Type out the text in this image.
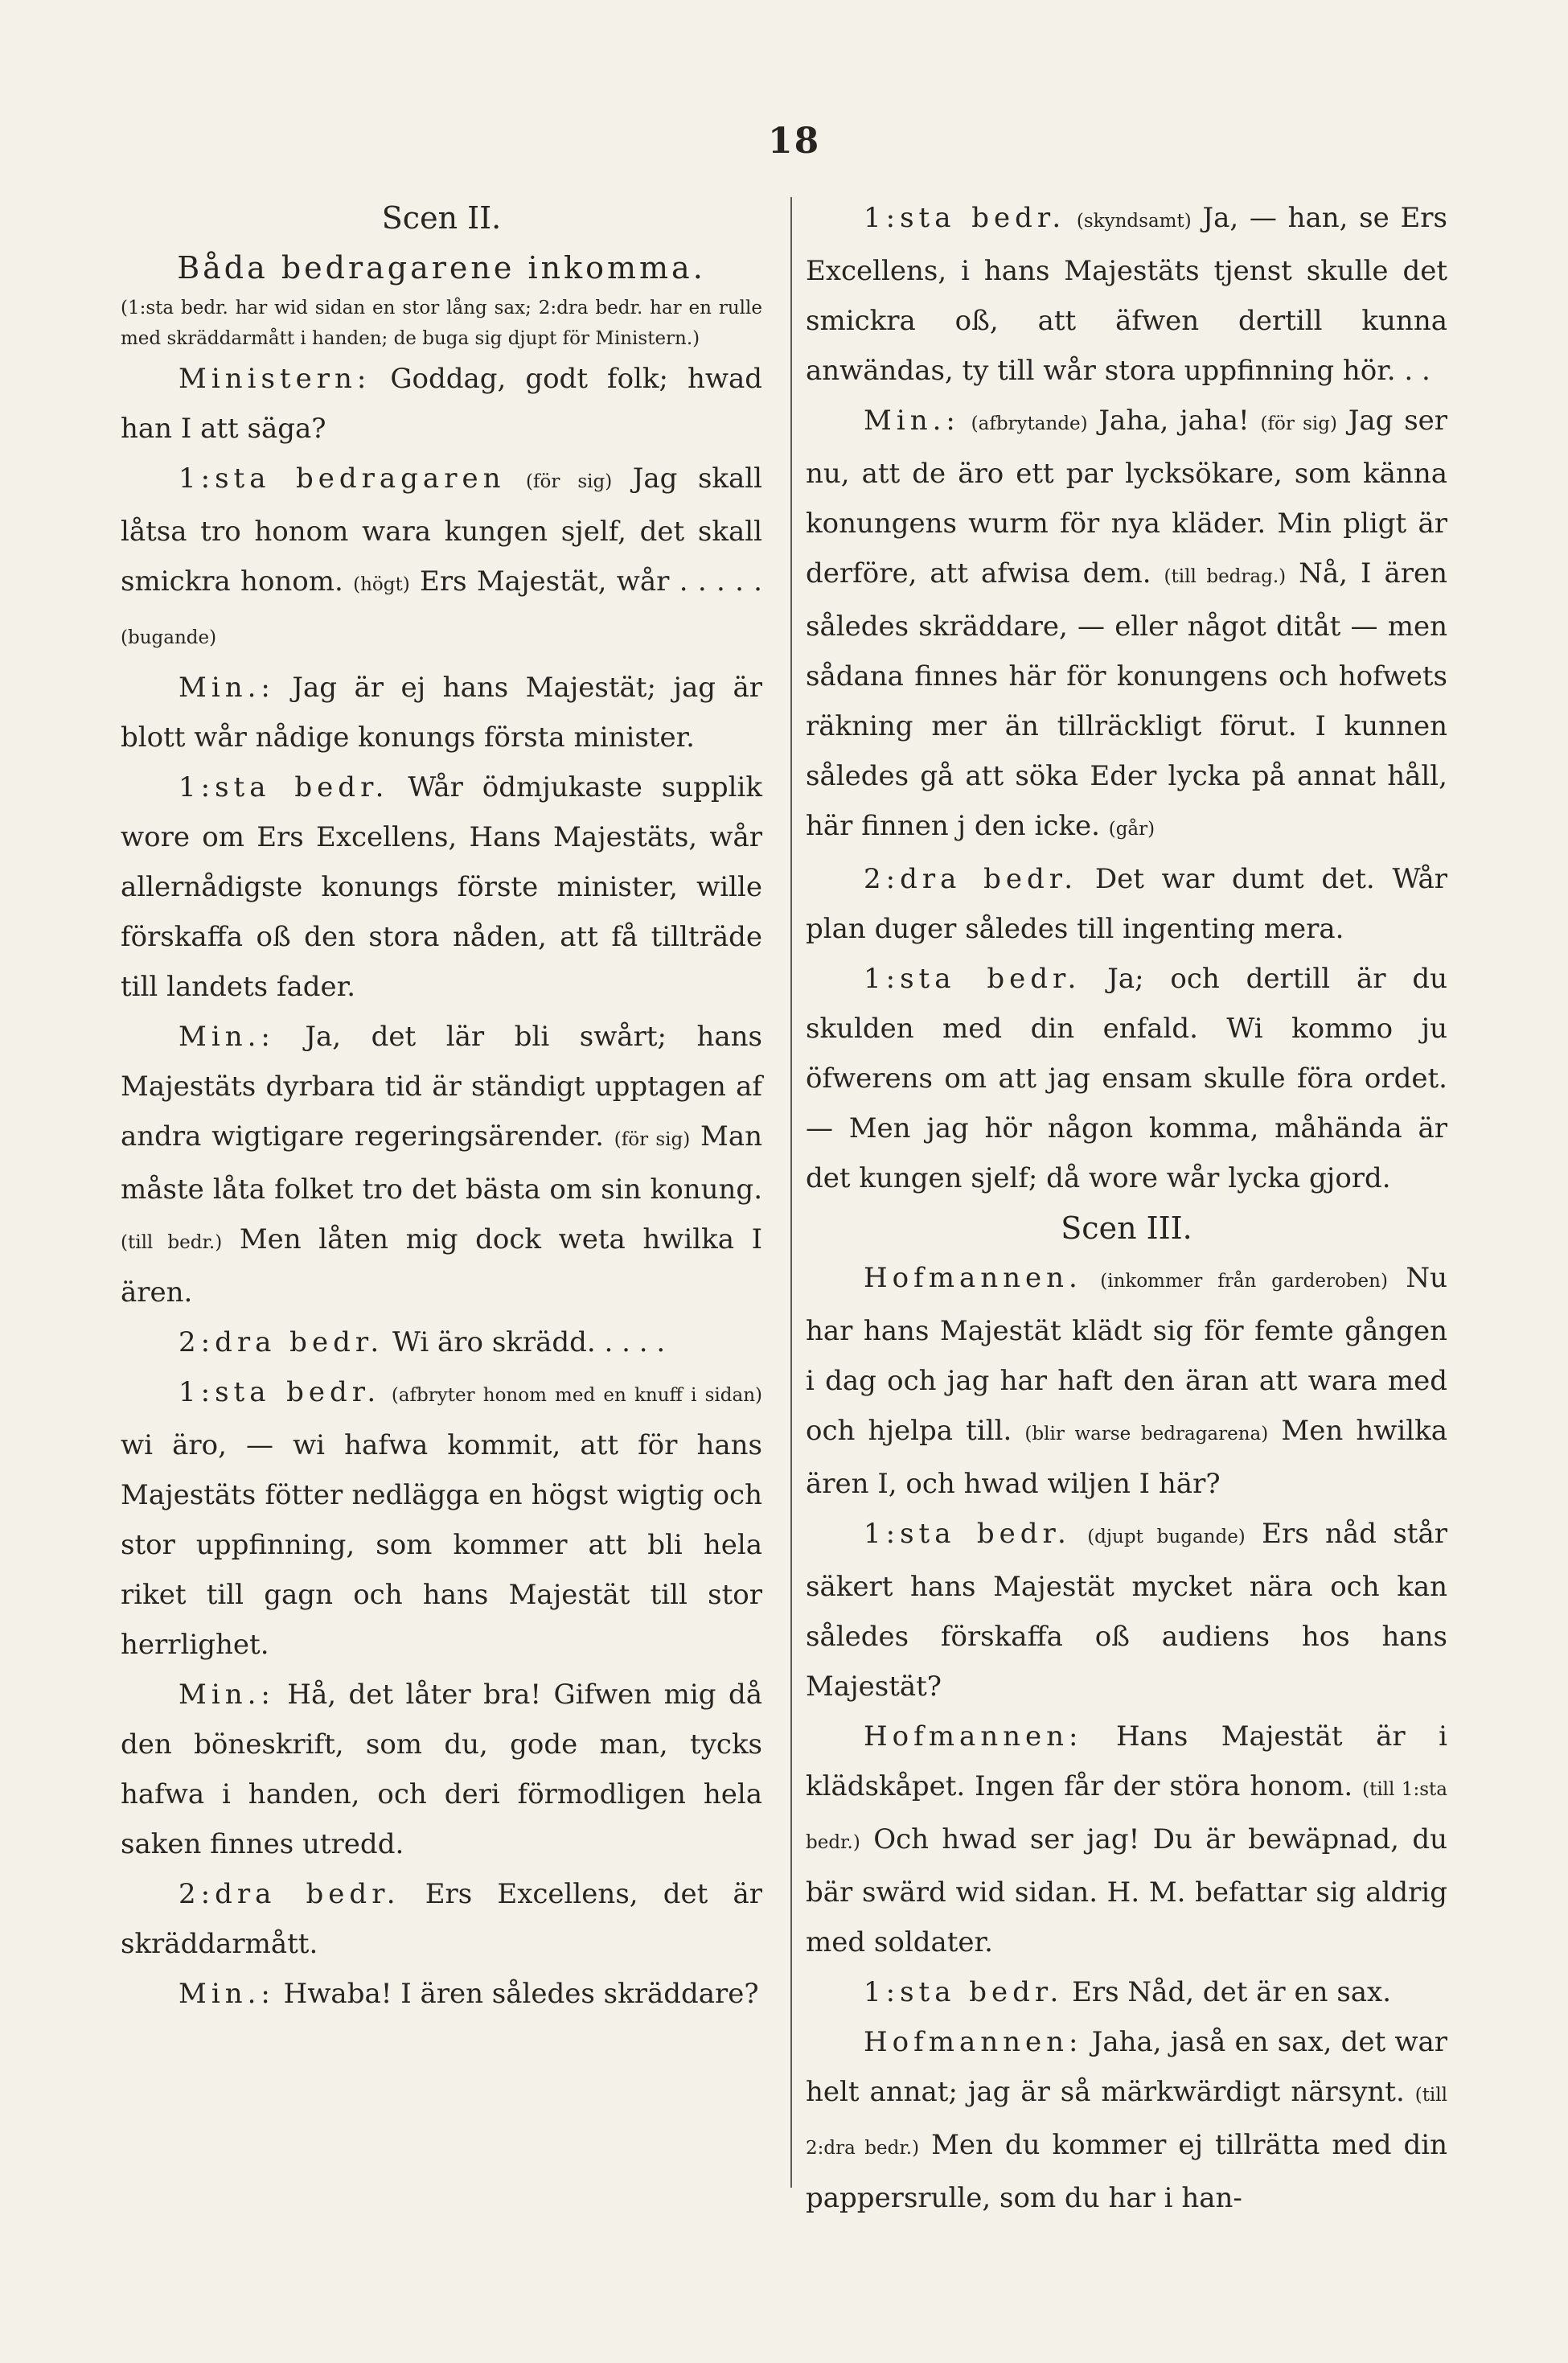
18

Scen II.

Båda bedragarene inkomma.

(1:sta bedr. har wid sidan en stor lång sax; 2:dra bedr. har en rulle med skräddarmått i handen; de buga sig djupt för Ministern.)

Ministern: Goddag, godt folk; hwad han I att säga?

1:sta bedragaren (för sig) Jag skall låtsa tro honom wara kungen sjelf, det skall smickra honom. (högt) Ers Majestät, wår . . . . . (bugande)

Min.: Jag är ej hans Majestät; jag är blott wår nådige konungs första minister.

1:sta bedr. Wår ödmjukaste supplik wore om Ers Excellens, Hans Majestäts, wår allernådigste konungs förste minister, wille förskaffa oß den stora nåden, att få tillträde till landets fader.

Min.: Ja, det lär bli swårt; hans Majestäts dyrbara tid är ständigt upptagen af andra wigtigare regeringsärender. (för sig) Man måste låta folket tro det bästa om sin konung. (till bedr.) Men låten mig dock weta hwilka I ären.

2:dra bedr. Wi äro skrädd. . . . .

1:sta bedr. (afbryter honom med en knuff i sidan) wi äro, — wi hafwa kommit, att för hans Majestäts fötter nedlägga en högst wigtig och stor uppfinning, som kommer att bli hela riket till gagn och hans Majestät till stor herrlighet.

Min.: Hå, det låter bra! Gifwen mig då den böneskrift, som du, gode man, tycks hafwa i handen, och deri förmodligen hela saken finnes utredd.

2:dra bedr. Ers Excellens, det är skräddarmått.

Min.: Hwaba! I ären således skräddare?

1:sta bedr. (skyndsamt) Ja, — han, se Ers Excellens, i hans Majestäts tjenst skulle det smickra oß, att äfwen dertill kunna anwändas, ty till wår stora uppfinning hör. . .

Min.: (afbrytande) Jaha, jaha! (för sig) Jag ser nu, att de äro ett par lycksökare, som känna konungens wurm för nya kläder. Min pligt är derföre, att afwisa dem. (till bedrag.) Nå, I ären således skräddare, — eller något ditåt — men sådana finnes här för konungens och hofwets räkning mer än tillräckligt förut. I kunnen således gå att söka Eder lycka på annat håll, här finnen j den icke. (går)

2:dra bedr. Det war dumt det. Wår plan duger således till ingenting mera.

1:sta bedr. Ja; och dertill är du skulden med din enfald. Wi kommo ju öfwerens om att jag ensam skulle föra ordet. — Men jag hör någon komma, måhända är det kungen sjelf; då wore wår lycka gjord.

Scen III.

Hofmannen. (inkommer från garderoben) Nu har hans Majestät klädt sig för femte gången i dag och jag har haft den äran att wara med och hjelpa till. (blir warse bedragarena) Men hwilka ären I, och hwad wiljen I här?

1:sta bedr. (djupt bugande) Ers nåd står säkert hans Majestät mycket nära och kan således förskaffa oß audiens hos hans Majestät?

Hofmannen: Hans Majestät är i klädskåpet. Ingen får der störa honom. (till 1:sta bedr.) Och hwad ser jag! Du är bewäpnad, du bär swärd wid sidan. H. M. befattar sig aldrig med soldater.

1:sta bedr. Ers Nåd, det är en sax.

Hofmannen: Jaha, jaså en sax, det war helt annat; jag är så märkwärdigt närsynt. (till 2:dra bedr.) Men du kommer ej tillrätta med din pappersrulle, som du har i han-
